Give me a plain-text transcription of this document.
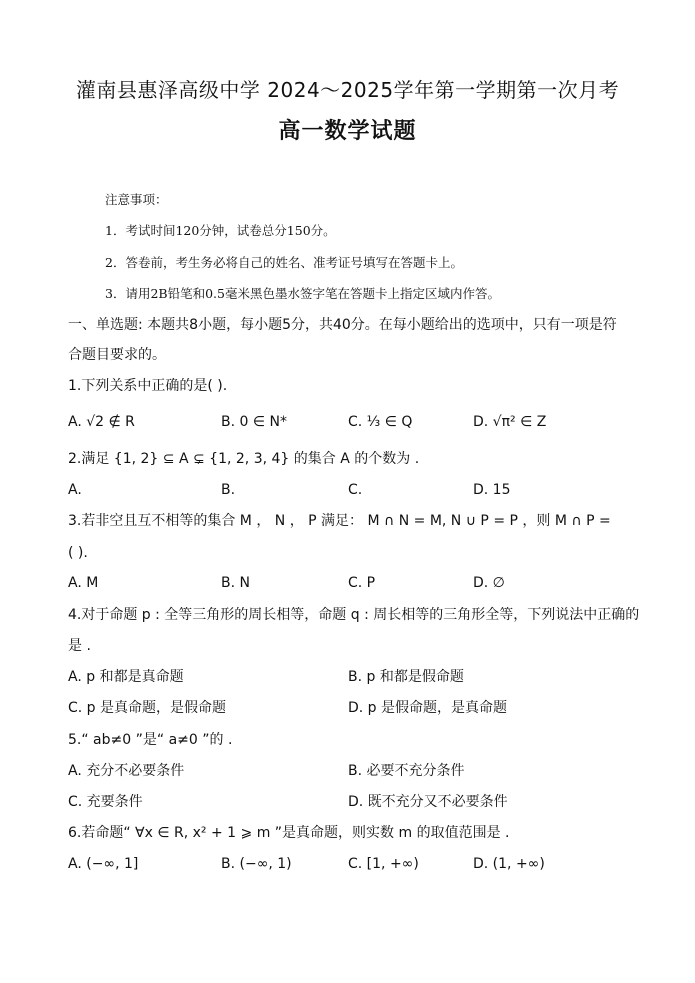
灌南县惠泽高级中学 2024～2025学年第一学期第一次月考
高一数学试题
注意事项：
1．考试时间120分钟，试卷总分150分。
2．答卷前，考生务必将自己的姓名、准考证号填写在答题卡上。
3．请用2B铅笔和0.5毫米黑色墨水签字笔在答题卡上指定区域内作答。
一、单选题: 本题共8小题，每小题5分，共40分。在每小题给出的选项中，只有一项是符
合题目要求的。
1.下列关系中正确的是( ).
A. √2 ∉ R	B. 0 ∈ N*	C. ⅓ ∈ Q	D. √π² ∈ Z
2.满足 {1, 2} ⊆ A ⊊ {1, 2, 3, 4} 的集合 A 的个数为 .
A.	B.	C.	D. 15
3.若非空且互不相等的集合 M ， N ， P 满足： M ∩ N = M, N ∪ P = P ，则 M ∩ P =
( ).
A. M	B. N	C. P	D. ∅
4.对于命题 p : 全等三角形的周长相等，命题 q : 周长相等的三角形全等，下列说法中正确的
是 .
A. p 和都是真命题	B. p 和都是假命题
C. p 是真命题，是假命题	D. p 是假命题，是真命题
5.“ ab≠0 ”是“ a≠0 ”的 .
A. 充分不必要条件	B. 必要不充分条件
C. 充要条件	D. 既不充分又不必要条件
6.若命题“ ∀x ∈ R, x² + 1 ⩾ m ”是真命题，则实数 m 的取值范围是 .
A. (−∞, 1]	B. (−∞, 1)	C. [1, +∞)	D. (1, +∞)
